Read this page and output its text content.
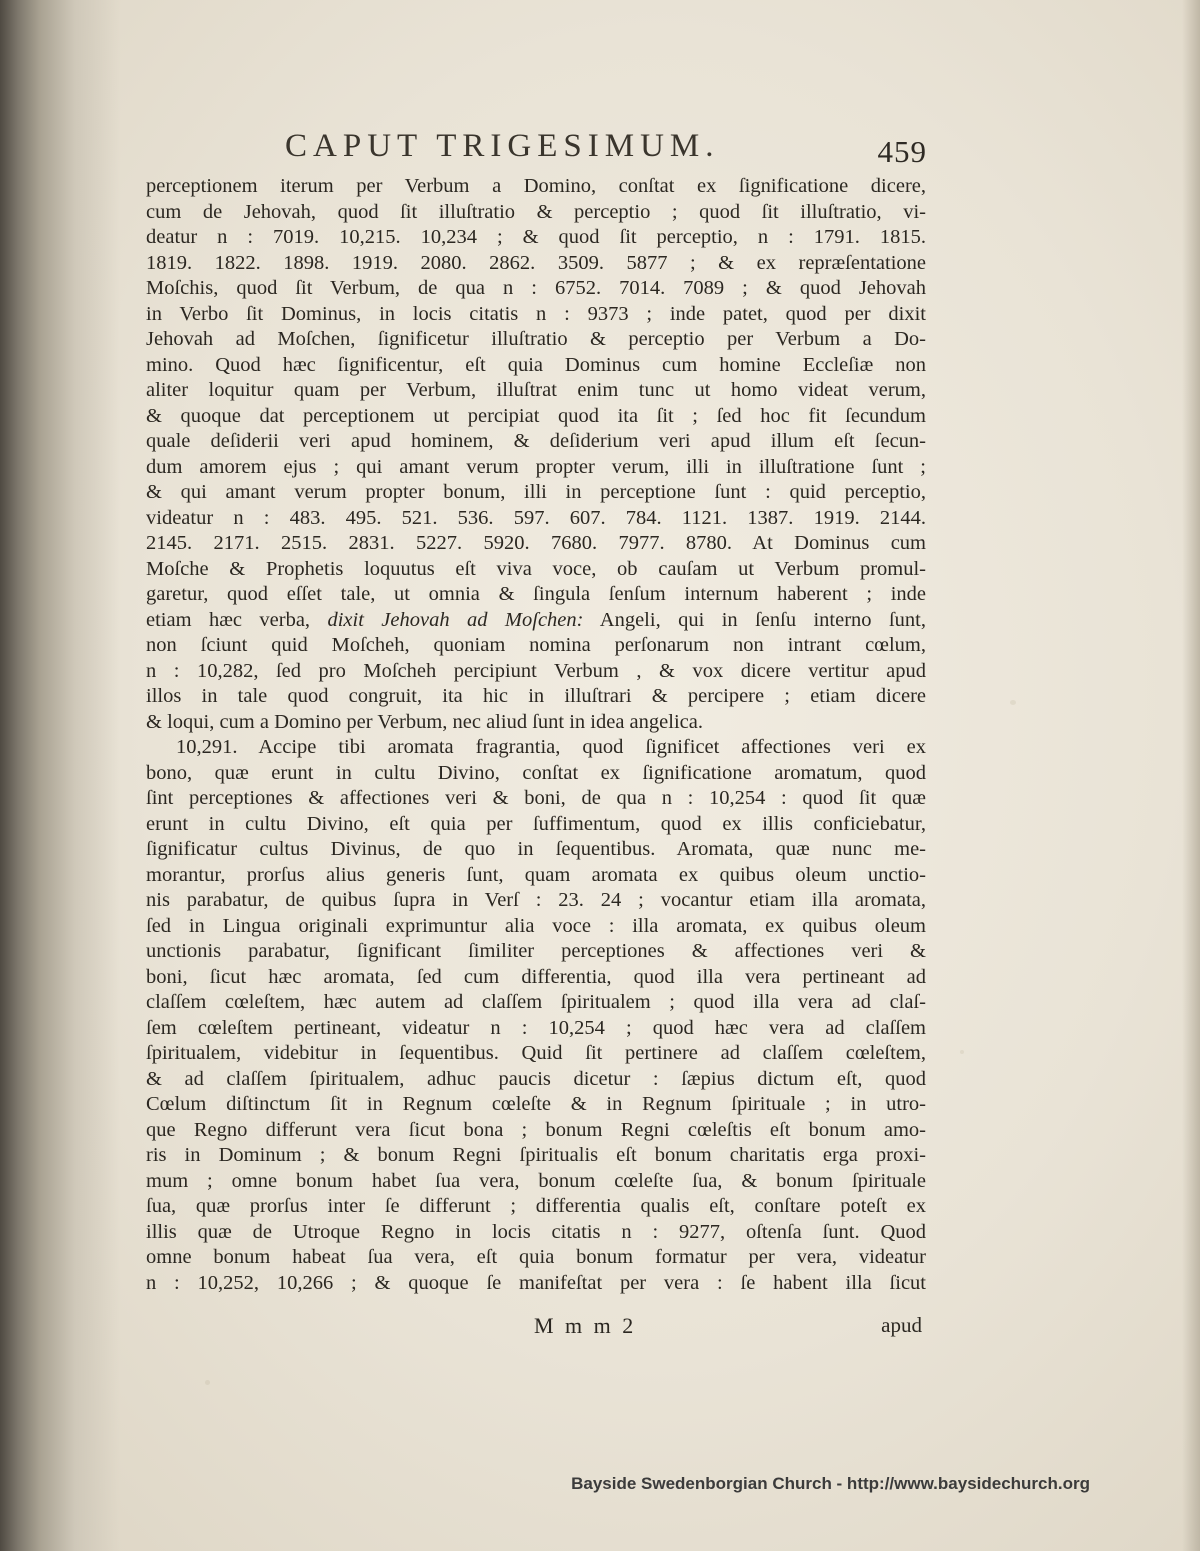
CAPUT TRIGESIMUM.	459
perceptionem iterum per Verbum a Domino, conſtat ex ſignificatione dicere,
cum de Jehovah, quod ſit illuſtratio & perceptio ; quod ſit illuſtratio, vi-
deatur n : 7019. 10,215. 10,234 ; & quod ſit perceptio, n : 1791. 1815.
1819. 1822. 1898. 1919. 2080. 2862. 3509. 5877 ; & ex repræſentatione
Moſchis, quod ſit Verbum, de qua n : 6752. 7014. 7089 ; & quod Jehovah
in Verbo ſit Dominus, in locis citatis n : 9373 ; inde patet, quod per dixit
Jehovah ad Moſchen, ſignificetur illuſtratio & perceptio per Verbum a Do-
mino. Quod hæc ſignificentur, eſt quia Dominus cum homine Eccleſiæ non
aliter loquitur quam per Verbum, illuſtrat enim tunc ut homo videat verum,
& quoque dat perceptionem ut percipiat quod ita ſit ; ſed hoc fit ſecundum
quale deſiderii veri apud hominem, & deſiderium veri apud illum eſt ſecun-
dum amorem ejus ; qui amant verum propter verum, illi in illuſtratione ſunt ;
& qui amant verum propter bonum, illi in perceptione ſunt : quid perceptio,
videatur n : 483. 495. 521. 536. 597. 607. 784. 1121. 1387. 1919. 2144.
2145. 2171. 2515. 2831. 5227. 5920. 7680. 7977. 8780. At Dominus cum
Moſche & Prophetis loquutus eſt viva voce, ob cauſam ut Verbum promul-
garetur, quod eſſet tale, ut omnia & ſingula ſenſum internum haberent ; inde
etiam hæc verba, dixit Jehovah ad Moſchen: Angeli, qui in ſenſu interno ſunt,
non ſciunt quid Moſcheh, quoniam nomina perſonarum non intrant cœlum,
n : 10,282, ſed pro Moſcheh percipiunt Verbum , & vox dicere vertitur apud
illos in tale quod congruit, ita hic in illuſtrari & percipere ; etiam dicere
& loqui, cum a Domino per Verbum, nec aliud ſunt in idea angelica.
10,291. Accipe tibi aromata fragrantia, quod ſignificet affectiones veri ex
bono, quæ erunt in cultu Divino, conſtat ex ſignificatione aromatum, quod
ſint perceptiones & affectiones veri & boni, de qua n : 10,254 : quod ſit quæ
erunt in cultu Divino, eſt quia per ſuffimentum, quod ex illis conficiebatur,
ſignificatur cultus Divinus, de quo in ſequentibus. Aromata, quæ nunc me-
morantur, prorſus alius generis ſunt, quam aromata ex quibus oleum unctio-
nis parabatur, de quibus ſupra in Verſ : 23. 24 ; vocantur etiam illa aromata,
ſed in Lingua originali exprimuntur alia voce : illa aromata, ex quibus oleum
unctionis parabatur, ſignificant ſimiliter perceptiones & affectiones veri &
boni, ſicut hæc aromata, ſed cum differentia, quod illa vera pertineant ad
claſſem cœleſtem, hæc autem ad claſſem ſpiritualem ; quod illa vera ad claſ-
ſem cœleſtem pertineant, videatur n : 10,254 ; quod hæc vera ad claſſem
ſpiritualem, videbitur in ſequentibus. Quid ſit pertinere ad claſſem cœleſtem,
& ad claſſem ſpiritualem, adhuc paucis dicetur : ſæpius dictum eſt, quod
Cœlum diſtinctum ſit in Regnum cœleſte & in Regnum ſpirituale ; in utro-
que Regno differunt vera ſicut bona ; bonum Regni cœleſtis eſt bonum amo-
ris in Dominum ; & bonum Regni ſpiritualis eſt bonum charitatis erga proxi-
mum ; omne bonum habet ſua vera, bonum cœleſte ſua, & bonum ſpirituale
ſua, quæ prorſus inter ſe differunt ; differentia qualis eſt, conſtare poteſt ex
illis quæ de Utroque Regno in locis citatis n : 9277, oſtenſa ſunt. Quod
omne bonum habeat ſua vera, eſt quia bonum formatur per vera, videatur
n : 10,252, 10,266 ; & quoque ſe manifeſtat per vera : ſe habent illa ſicut
M m m 2	apud
Bayside Swedenborgian Church - http://www.baysidechurch.org
